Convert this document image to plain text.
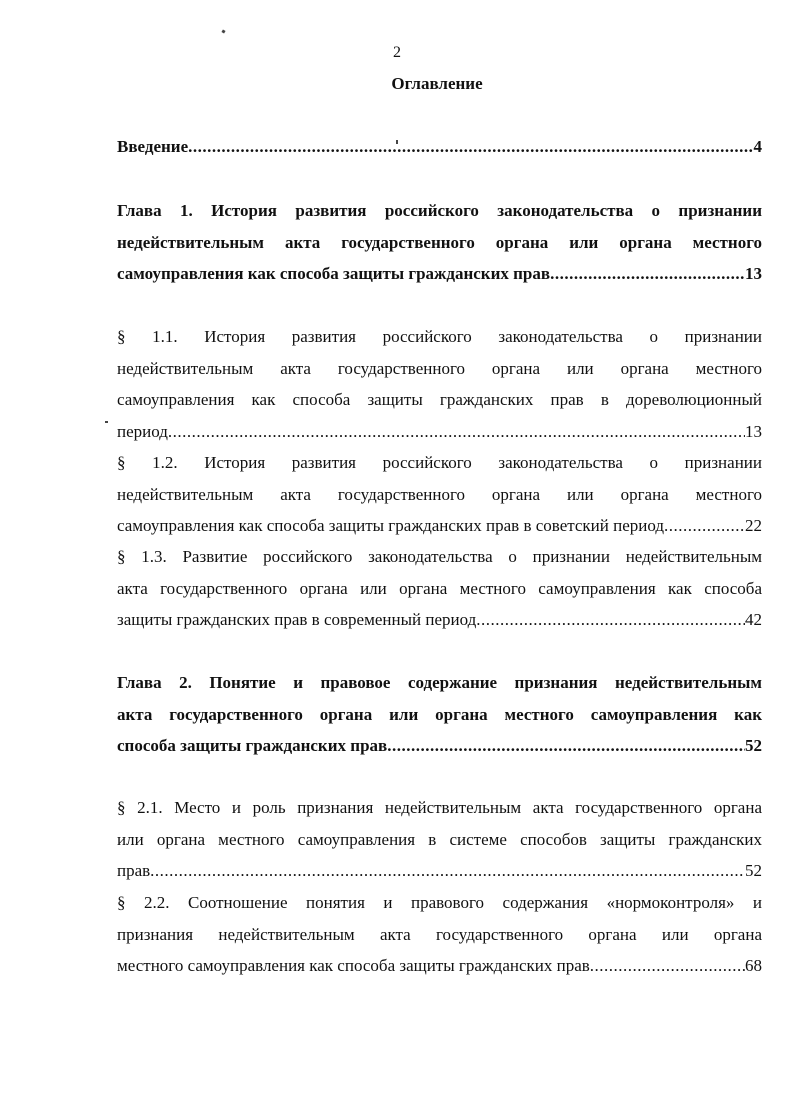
2
Оглавление
Введение .....	4
Глава 1. История развития российского законодательства о признании
недействительным акта государственного органа или органа местного
самоуправления как способа защиты гражданских прав .....	13
§ 1.1. История развития российского законодательства о признании
недействительным акта государственного органа или органа местного
самоуправления как способа защиты гражданских прав в дореволюционный
период .....	13
§ 1.2. История развития российского законодательства о признании
недействительным акта государственного органа или органа местного
самоуправления как способа защиты гражданских прав в советский период .....	22
§ 1.3. Развитие российского законодательства о признании недействительным
акта государственного органа или органа местного самоуправления как способа
защиты гражданских прав в современный период .....	42
Глава 2. Понятие и правовое содержание признания недействительным
акта государственного органа или органа местного самоуправления как
способа защиты гражданских прав .....	52
§ 2.1. Место и роль признания недействительным акта государственного органа
или органа местного самоуправления в системе способов защиты гражданских
прав .....	52
§ 2.2. Соотношение понятия и правового содержания «нормоконтроля» и
признания недействительным акта государственного органа или органа
местного самоуправления как способа защиты гражданских прав .....	68
